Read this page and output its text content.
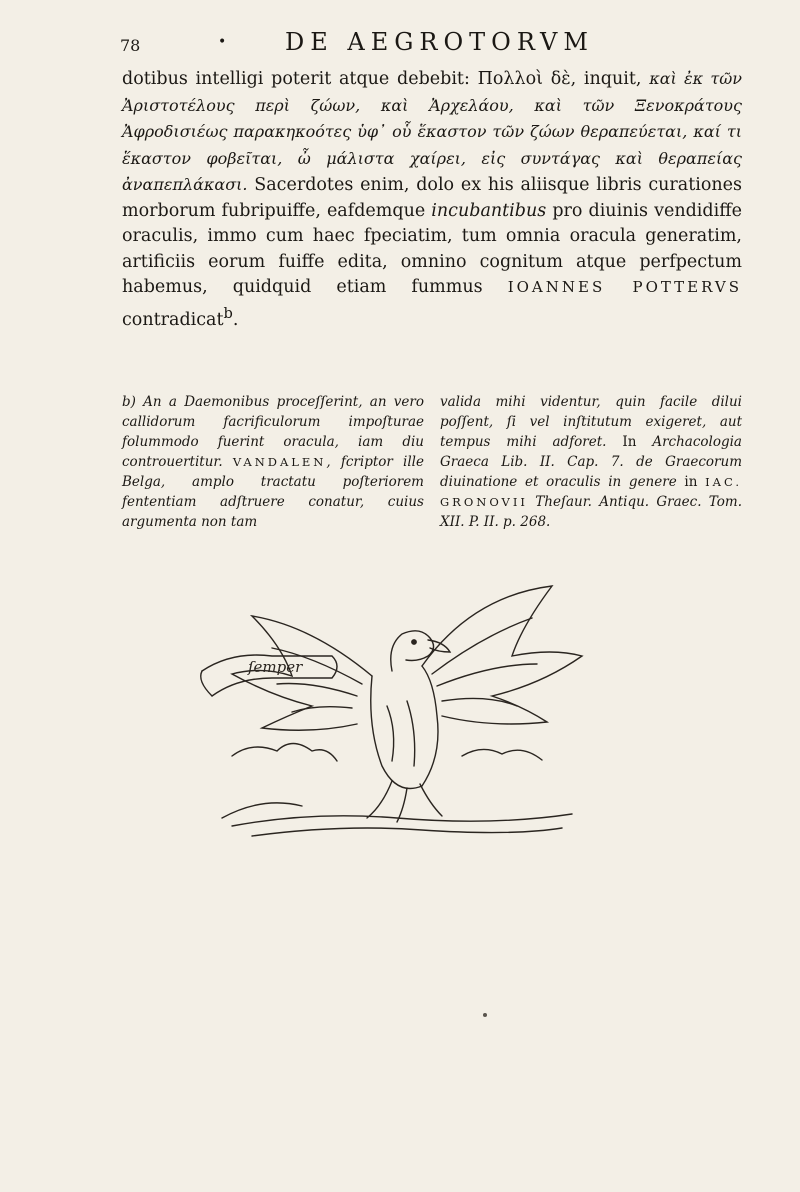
78	• DE AEGROTORVM
dotibus intelligi poterit atque debebit: Πολλοὶ δὲ, inquit, καὶ ἐκ τῶν Ἀριστοτέλους περὶ ζώων, καὶ Ἀρχελάου, καὶ τῶν Ξενοκράτους Ἀφροδισιέως παρακηκοότες ὑφ᾽ οὗ ἕκαστον τῶν ζώων θεραπεύεται, καί τι ἕκαστον φοβεῖται, ὦ μάλιστα χαίρει, εἰς συντάγας καὶ θεραπείας ἀναπεπλάκασι. Sacerdotes enim, dolo ex his aliisque libris curationes morborum fubripuiffe, eafdemque incubantibus pro diuinis vendidiffe oraculis, immo cum haec fpeciatim, tum omnia oracula generatim, artificiis eorum fuiffe edita, omnino cognitum atque perfpectum habemus, quidquid etiam fummus IOANNES POTTERVS contradicat$^b$.
b) An a Daemonibus proceſſerint, an vero callidorum facrificulorum impoſturae folummodo fuerint oracula, iam diu controuertitur. VANDALEN, fcriptor ille Belga, amplo tractatu poſteriorem fententiam adſtruere conatur, cuius argumenta non tam
valida mihi videntur, quin facile dilui poſſent, ſi vel inſtitutum exigeret, aut tempus mihi adforet. In Archacologia Graeca Lib. II. Cap. 7. de Graecorum diuinatione et oraculis in genere in IAC. GRONOVII Theſaur. Antiqu. Graec. Tom. XII. P. II. p. 268.
ſemper
